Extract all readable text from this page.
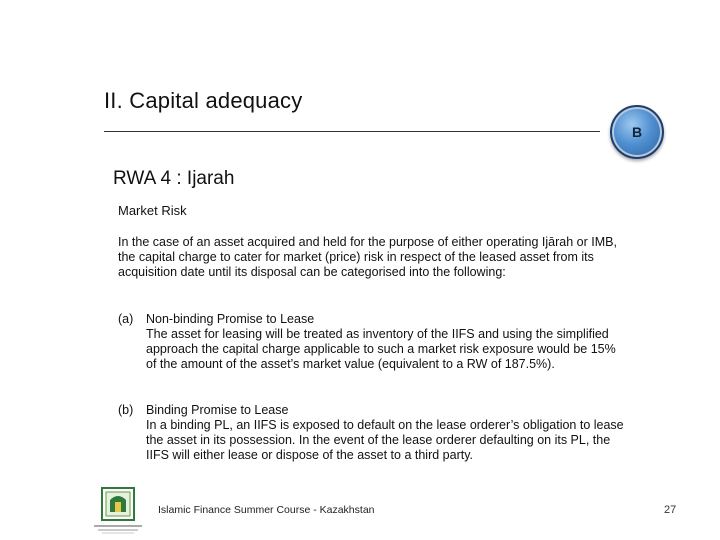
II. Capital adequacy
B
RWA 4 : Ijarah
Market Risk
In the case of an asset acquired and held for the purpose of either operating Ijārah or IMB, the capital charge to cater for market (price) risk in respect of the leased asset from its acquisition date until its disposal can be categorised into the following:
(a) Non-binding Promise to Lease
The asset for leasing will be treated as inventory of the IIFS and using the simplified approach the capital charge applicable to such a market risk exposure would be 15% of the amount of the asset’s market value (equivalent to a RW of 187.5%).
(b) Binding Promise to Lease
In a binding PL, an IIFS is exposed to default on the lease orderer’s obligation to lease the asset in its possession. In the event of the lease orderer defaulting on its PL, the IIFS will either lease or dispose of the asset to a third party.
Islamic Finance Summer Course - Kazakhstan	27
